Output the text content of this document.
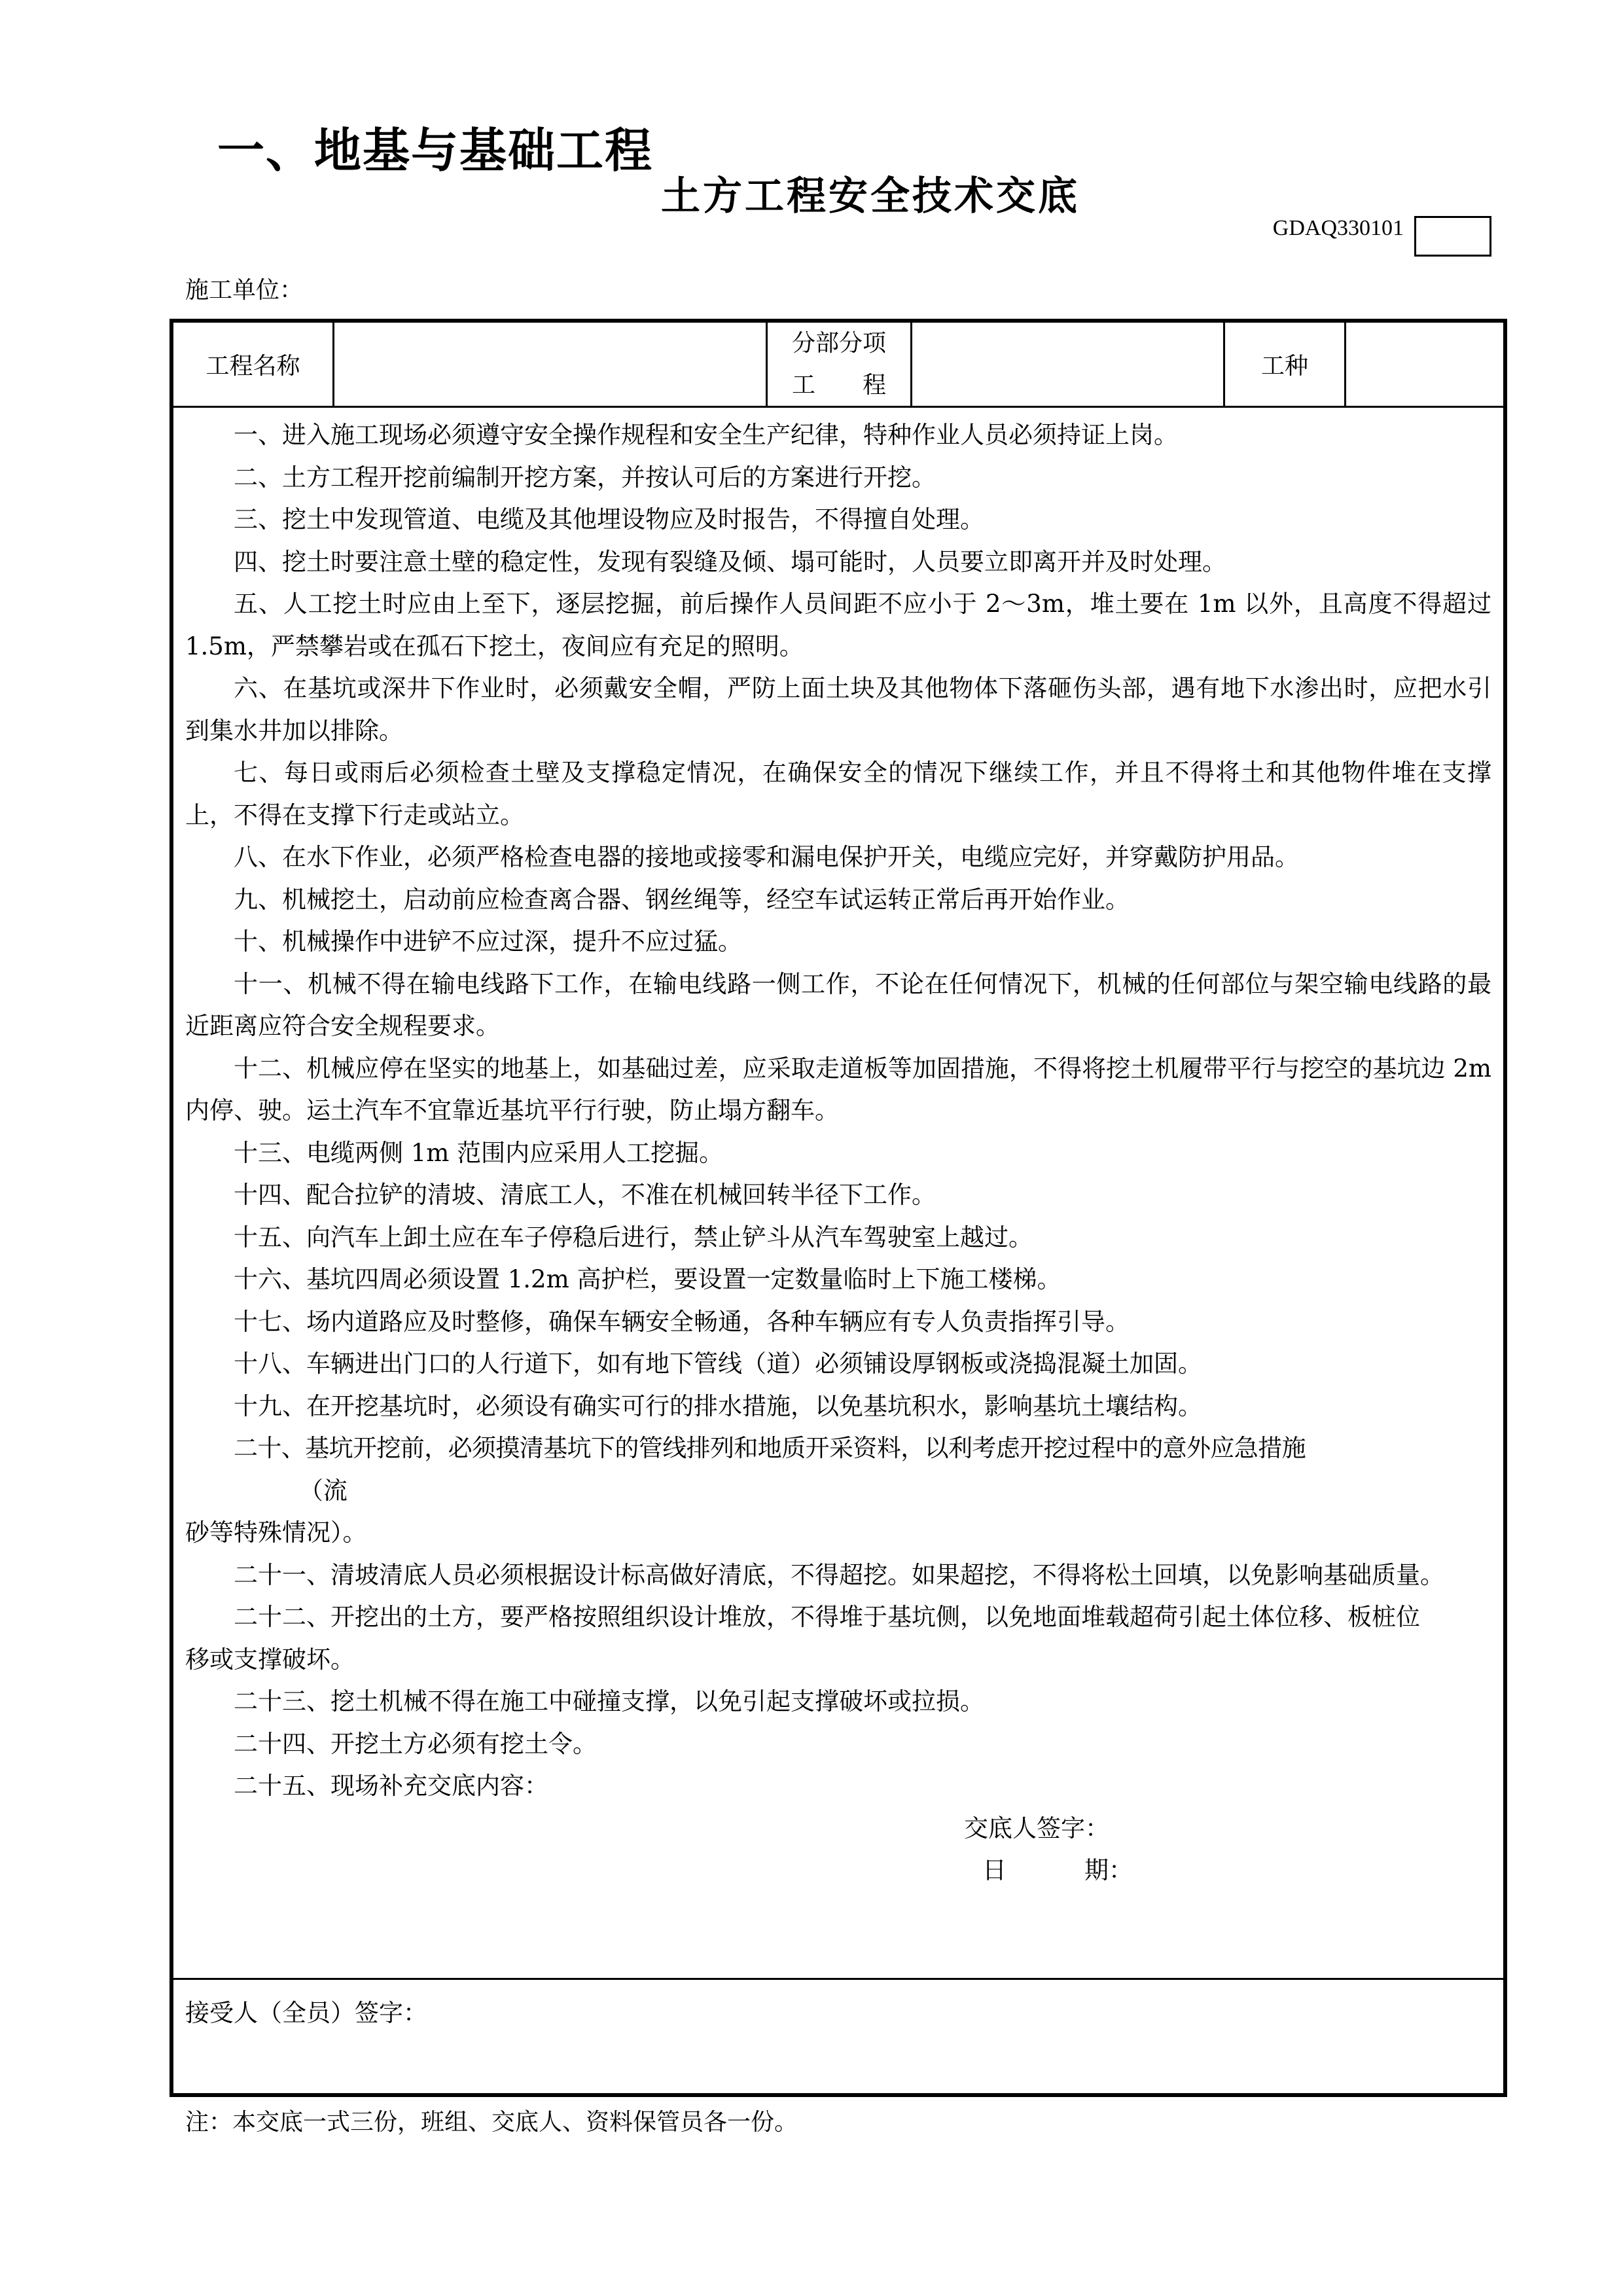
一、地基与基础工程
土方工程安全技术交底
GDAQ330101
施工单位：
工程名称
分部分项
工 程
工种

一、进入施工现场必须遵守安全操作规程和安全生产纪律，特种作业人员必须持证上岗。

二、土方工程开挖前编制开挖方案，并按认可后的方案进行开挖。

三、挖土中发现管道、电缆及其他埋设物应及时报告，不得擅自处理。

四、挖土时要注意土壁的稳定性，发现有裂缝及倾、塌可能时，人员要立即离开并及时处理。

五、人工挖土时应由上至下，逐层挖掘，前后操作人员间距不应小于 2～3m，堆土要在 1m 以外，且高度不得超过 1.5m，严禁攀岩或在孤石下挖土，夜间应有充足的照明。

六、在基坑或深井下作业时，必须戴安全帽，严防上面土块及其他物体下落砸伤头部，遇有地下水渗出时，应把水引到集水井加以排除。

七、每日或雨后必须检查土壁及支撑稳定情况，在确保安全的情况下继续工作，并且不得将土和其他物件堆在支撑上，不得在支撑下行走或站立。

八、在水下作业，必须严格检查电器的接地或接零和漏电保护开关，电缆应完好，并穿戴防护用品。

九、机械挖土，启动前应检查离合器、钢丝绳等，经空车试运转正常后再开始作业。

十、机械操作中进铲不应过深，提升不应过猛。

十一、机械不得在输电线路下工作，在输电线路一侧工作，不论在任何情况下，机械的任何部位与架空输电线路的最近距离应符合安全规程要求。

十二、机械应停在坚实的地基上，如基础过差，应采取走道板等加固措施，不得将挖土机履带平行与挖空的基坑边 2m 内停、驶。运土汽车不宜靠近基坑平行行驶，防止塌方翻车。

十三、电缆两侧 1m 范围内应采用人工挖掘。

十四、配合拉铲的清坡、清底工人，不准在机械回转半径下工作。

十五、向汽车上卸土应在车子停稳后进行，禁止铲斗从汽车驾驶室上越过。

十六、基坑四周必须设置 1.2m 高护栏，要设置一定数量临时上下施工楼梯。

十七、场内道路应及时整修，确保车辆安全畅通，各种车辆应有专人负责指挥引导。

十八、车辆进出门口的人行道下，如有地下管线（道）必须铺设厚钢板或浇捣混凝土加固。

十九、在开挖基坑时，必须设有确实可行的排水措施，以免基坑积水，影响基坑土壤结构。

二十、基坑开挖前，必须摸清基坑下的管线排列和地质开采资料，以利考虑开挖过程中的意外应急措施

（流

砂等特殊情况）。

二十一、清坡清底人员必须根据设计标高做好清底，不得超挖。如果超挖，不得将松土回填，以免影响基础质量。

二十二、开挖出的土方，要严格按照组织设计堆放，不得堆于基坑侧，以免地面堆载超荷引起土体位移、板桩位移或支撑破坏。

二十三、挖土机械不得在施工中碰撞支撑，以免引起支撑破坏或拉损。

二十四、开挖土方必须有挖土令。

二十五、现场补充交底内容：

交底人签字：

日	期：

接受人（全员）签字：
注：本交底一式三份，班组、交底人、资料保管员各一份。
